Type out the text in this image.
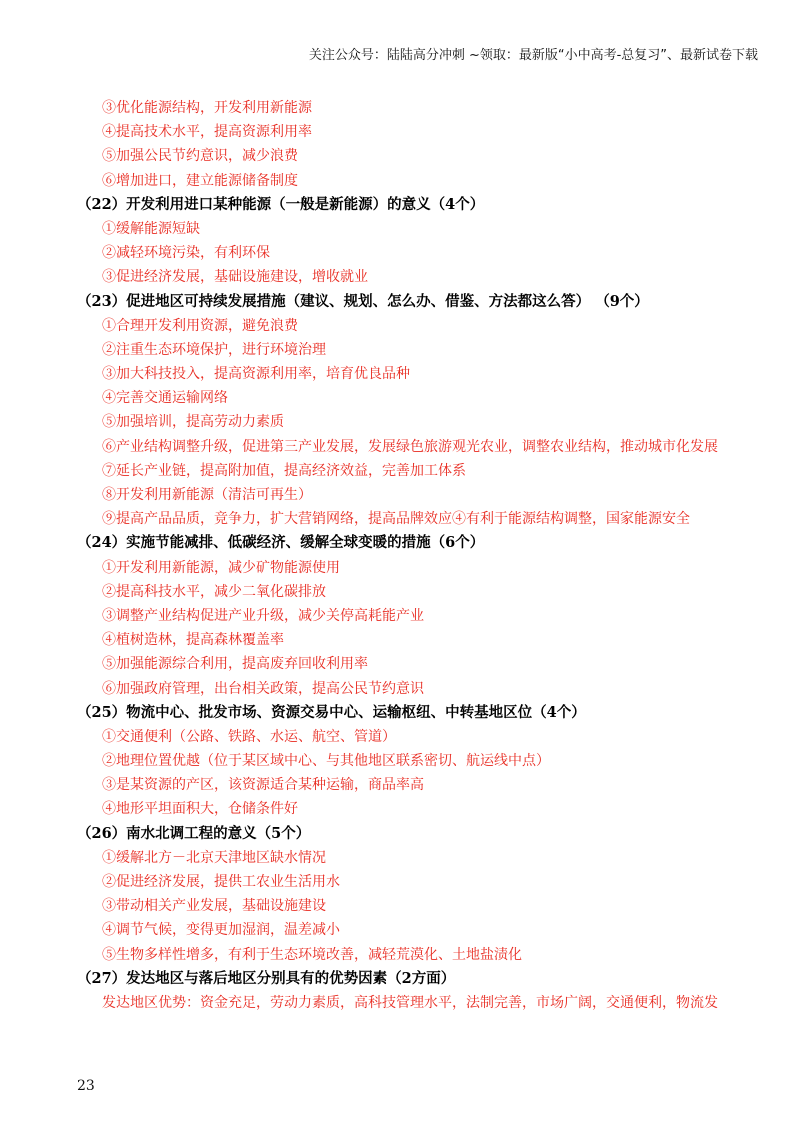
关注公众号：陆陆高分冲刺 ~领取：最新版“小中高考-总复习”、最新试卷下载
③优化能源结构，开发利用新能源
④提高技术水平，提高资源利用率
⑤加强公民节约意识，减少浪费
⑥增加进口，建立能源储备制度
（22）开发利用进口某种能源（一般是新能源）的意义（4个）
①缓解能源短缺
②减轻环境污染，有利环保
③促进经济发展，基础设施建设，增收就业
（23）促进地区可持续发展措施（建议、规划、怎么办、借鉴、方法都这么答） （9个）
①合理开发利用资源，避免浪费
②注重生态环境保护，进行环境治理
③加大科技投入，提高资源利用率，培育优良品种
④完善交通运输网络
⑤加强培训，提高劳动力素质
⑥产业结构调整升级，促进第三产业发展，发展绿色旅游观光农业，调整农业结构，推动城市化发展
⑦延长产业链，提高附加值，提高经济效益，完善加工体系
⑧开发利用新能源（清洁可再生）
⑨提高产品品质，竞争力，扩大营销网络，提高品牌效应④有利于能源结构调整，国家能源安全
（24）实施节能减排、低碳经济、缓解全球变暖的措施（6个）
①开发利用新能源，减少矿物能源使用
②提高科技水平，减少二氧化碳排放
③调整产业结构促进产业升级，减少关停高耗能产业
④植树造林，提高森林覆盖率
⑤加强能源综合利用，提高废弃回收利用率
⑥加强政府管理，出台相关政策，提高公民节约意识
（25）物流中心、批发市场、资源交易中心、运输枢纽、中转基地区位（4个）
①交通便利（公路、铁路、水运、航空、管道）
②地理位置优越（位于某区域中心、与其他地区联系密切、航运线中点）
③是某资源的产区，该资源适合某种运输，商品率高
④地形平坦面积大，仓储条件好
（26）南水北调工程的意义（5个）
①缓解北方－北京天津地区缺水情况
②促进经济发展，提供工农业生活用水
③带动相关产业发展，基础设施建设
④调节气候，变得更加湿润，温差减小
⑤生物多样性增多，有利于生态环境改善，减轻荒漠化、土地盐渍化
（27）发达地区与落后地区分别具有的优势因素（2方面）
发达地区优势：资金充足，劳动力素质，高科技管理水平，法制完善，市场广阔，交通便利，物流发
23
